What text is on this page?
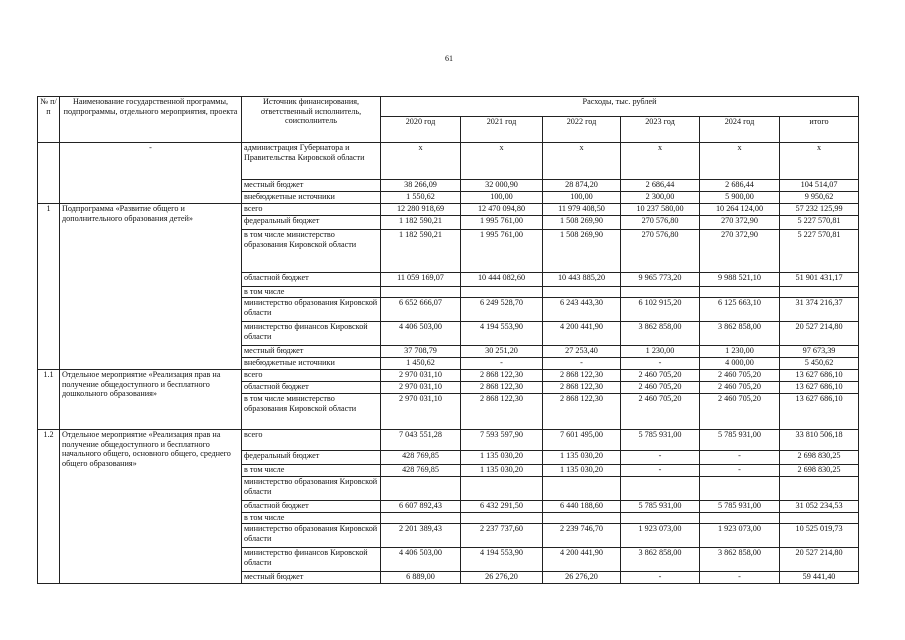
61
№ п/п	Наименование государственной программы, подпрограммы, отдельного мероприятия, проекта	Источник финансирования, ответственный исполнитель, соисполнитель	Расходы, тыс. рублей					
			2020 год	2021 год	2022 год	2023 год	2024 год	итого
	-	администрация Губернатора и Правительства Кировской области	x	x	x	x	x	x
		местный бюджет	38 266,09	32 000,90	28 874,20	2 686,44	2 686,44	104 514,07
		внебюджетные источники	1 550,62	100,00	100,00	2 300,00	5 900,00	9 950,62
1	Подпрограмма «Развитие общего и дополнительного образования детей»	всего	12 280 918,69	12 470 094,80	11 979 408,50	10 237 580,00	10 264 124,00	57 232 125,99
		федеральный бюджет	1 182 590,21	1 995 761,00	1 508 269,90	270 576,80	270 372,90	5 227 570,81
		в том числе министерство образования Кировской области	1 182 590,21	1 995 761,00	1 508 269,90	270 576,80	270 372,90	5 227 570,81
		областной бюджет	11 059 169,07	10 444 082,60	10 443 885,20	9 965 773,20	9 988 521,10	51 901 431,17
		в том числе						
		министерство образования Кировской области	6 652 666,07	6 249 528,70	6 243 443,30	6 102 915,20	6 125 663,10	31 374 216,37
		министерство финансов Кировской области	4 406 503,00	4 194 553,90	4 200 441,90	3 862 858,00	3 862 858,00	20 527 214,80
		местный бюджет	37 708,79	30 251,20	27 253,40	1 230,00	1 230,00	97 673,39
		внебюджетные источники	1 450,62	-	-	-	4 000,00	5 450,62
1.1	Отдельное мероприятие «Реализация прав на получение общедоступного и бесплатного дошкольного образования»	всего	2 970 031,10	2 868 122,30	2 868 122,30	2 460 705,20	2 460 705,20	13 627 686,10
		областной бюджет	2 970 031,10	2 868 122,30	2 868 122,30	2 460 705,20	2 460 705,20	13 627 686,10
		в том числе министерство образования Кировской области	2 970 031,10	2 868 122,30	2 868 122,30	2 460 705,20	2 460 705,20	13 627 686,10
1.2	Отдельное мероприятие «Реализация прав на получение общедоступного и бесплатного начального общего, основного общего, среднего общего образования»	всего	7 043 551,28	7 593 597,90	7 601 495,00	5 785 931,00	5 785 931,00	33 810 506,18
		федеральный бюджет	428 769,85	1 135 030,20	1 135 030,20	-	-	2 698 830,25
		в том числе	428 769,85	1 135 030,20	1 135 030,20	-	-	2 698 830,25
		министерство образования Кировской области						
		областной бюджет	6 607 892,43	6 432 291,50	6 440 188,60	5 785 931,00	5 785 931,00	31 052 234,53
		в том числе						
		министерство образования Кировской области	2 201 389,43	2 237 737,60	2 239 746,70	1 923 073,00	1 923 073,00	10 525 019,73
		министерство финансов Кировской области	4 406 503,00	4 194 553,90	4 200 441,90	3 862 858,00	3 862 858,00	20 527 214,80
		местный бюджет	6 889,00	26 276,20	26 276,20	-	-	59 441,40
